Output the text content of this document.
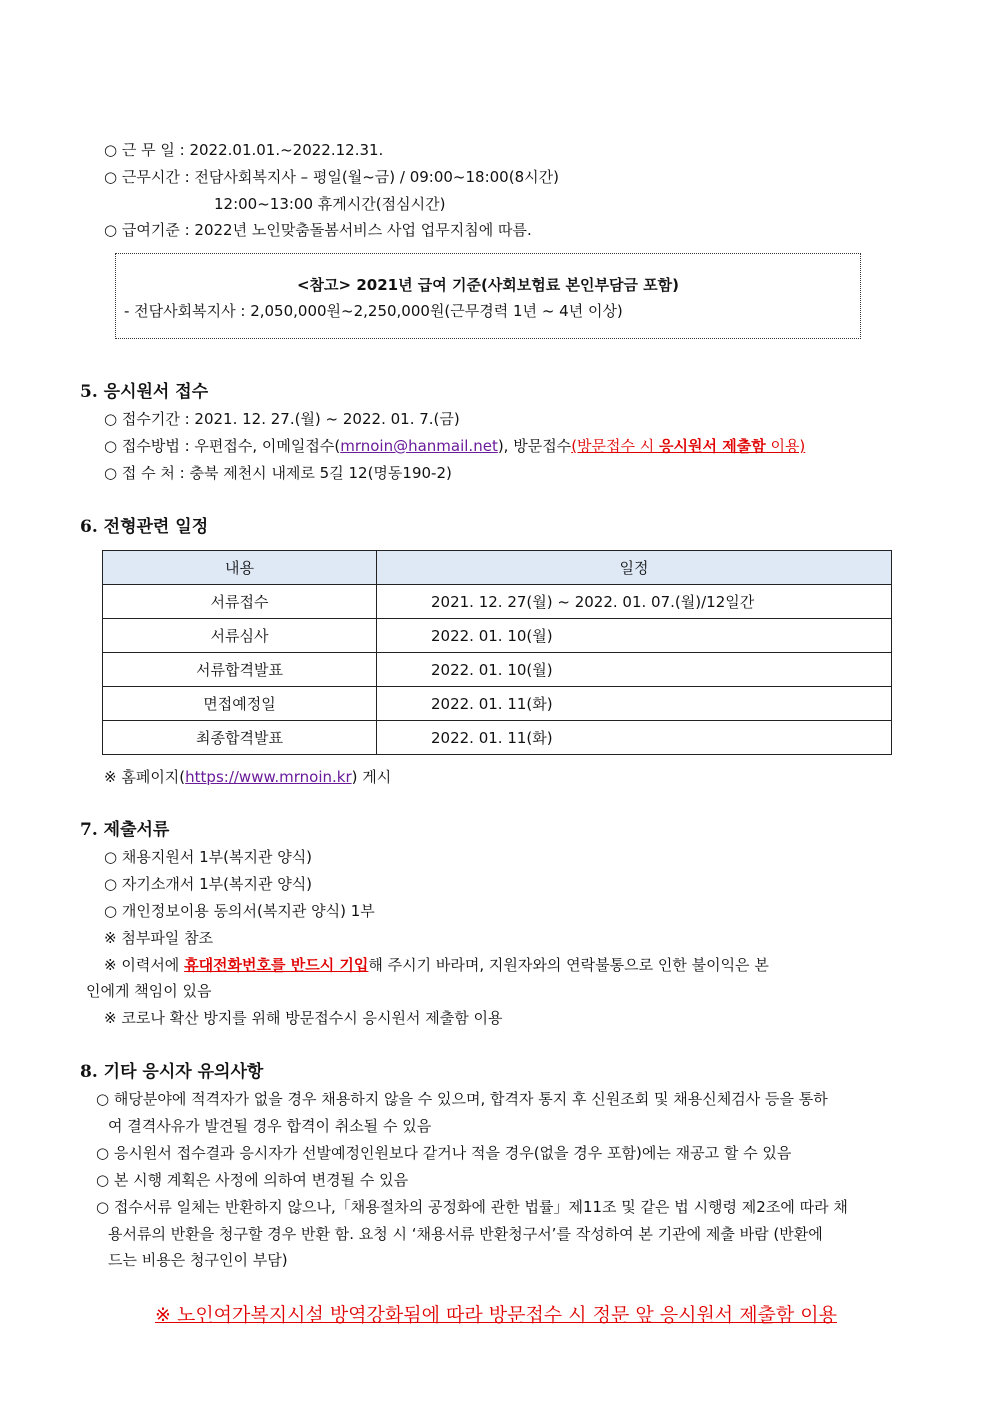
○ 근 무 일 : 2022.01.01.~2022.12.31.
○ 근무시간 : 전담사회복지사 – 평일(월~금) / 09:00~18:00(8시간)
12:00~13:00 휴게시간(점심시간)
○ 급여기준 : 2022년 노인맞춤돌봄서비스 사업 업무지침에 따름.
<참고> 2021년 급여 기준(사회보험료 본인부담금 포함)
- 전담사회복지사 : 2,050,000원~2,250,000원(근무경력 1년 ~ 4년 이상)
5. 응시원서 접수
○ 접수기간 : 2021. 12. 27.(월) ~ 2022. 01. 7.(금)
○ 접수방법 : 우편접수, 이메일접수(mrnoin@hanmail.net), 방문접수(방문접수 시 응시원서 제출함 이용)
○ 접 수 처 : 충북 제천시 내제로 5길 12(명동190-2)
6. 전형관련 일정
내용	일정
서류접수	2021. 12. 27(월) ~ 2022. 01. 07.(월)/12일간
서류심사	2022. 01. 10(월)
서류합격발표	2022. 01. 10(월)
면접예정일	2022. 01. 11(화)
최종합격발표	2022. 01. 11(화)
※ 홈페이지(https://www.mrnoin.kr) 게시
7. 제출서류
○ 채용지원서 1부(복지관 양식)
○ 자기소개서 1부(복지관 양식)
○ 개인정보이용 동의서(복지관 양식) 1부
※ 첨부파일 참조
※ 이력서에 휴대전화번호를 반드시 기입해 주시기 바라며, 지원자와의 연락불통으로 인한 불이익은 본
인에게 책임이 있음
※ 코로나 확산 방지를 위해 방문접수시 응시원서 제출함 이용
8. 기타 응시자 유의사항
○ 해당분야에 적격자가 없을 경우 채용하지 않을 수 있으며, 합격자 통지 후 신원조회 및 채용신체검사 등을 통하
여 결격사유가 발견될 경우 합격이 취소될 수 있음
○ 응시원서 접수결과 응시자가 선발예정인원보다 같거나 적을 경우(없을 경우 포함)에는 재공고 할 수 있음
○ 본 시행 계획은 사정에 의하여 변경될 수 있음
○ 접수서류 일체는 반환하지 않으나,「채용절차의 공정화에 관한 법률」제11조 및 같은 법 시행령 제2조에 따라 채
용서류의 반환을 청구할 경우 반환 함. 요청 시 ‘채용서류 반환청구서’를 작성하여 본 기관에 제출 바람 (반환에
드는 비용은 청구인이 부담)
※ 노인여가복지시설 방역강화됨에 따라 방문접수 시 정문 앞 응시원서 제출함 이용
